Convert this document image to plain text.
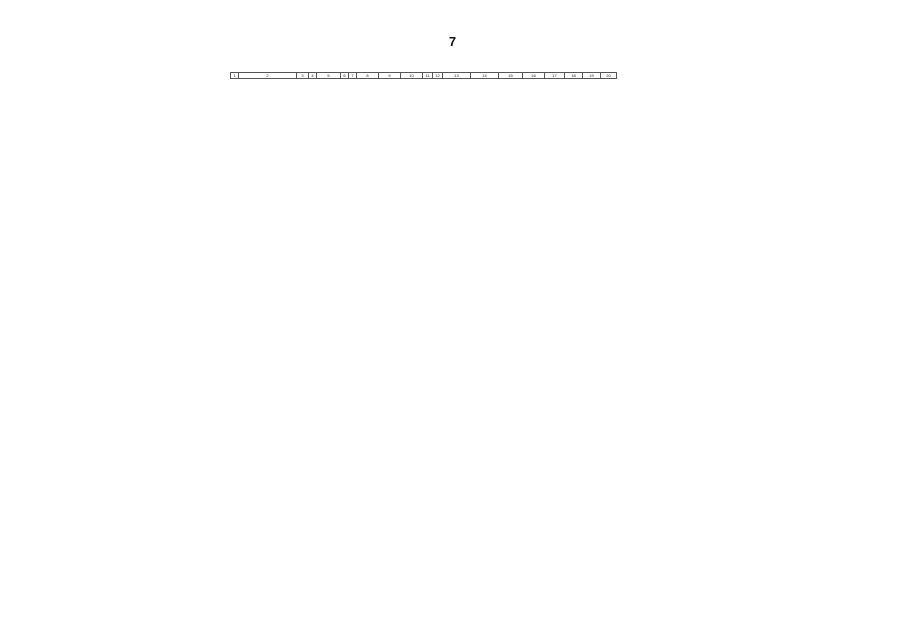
7
1	2	3	4	5	6	7	8	9	10	11	12	13	14	15	16	17	18	19	20
